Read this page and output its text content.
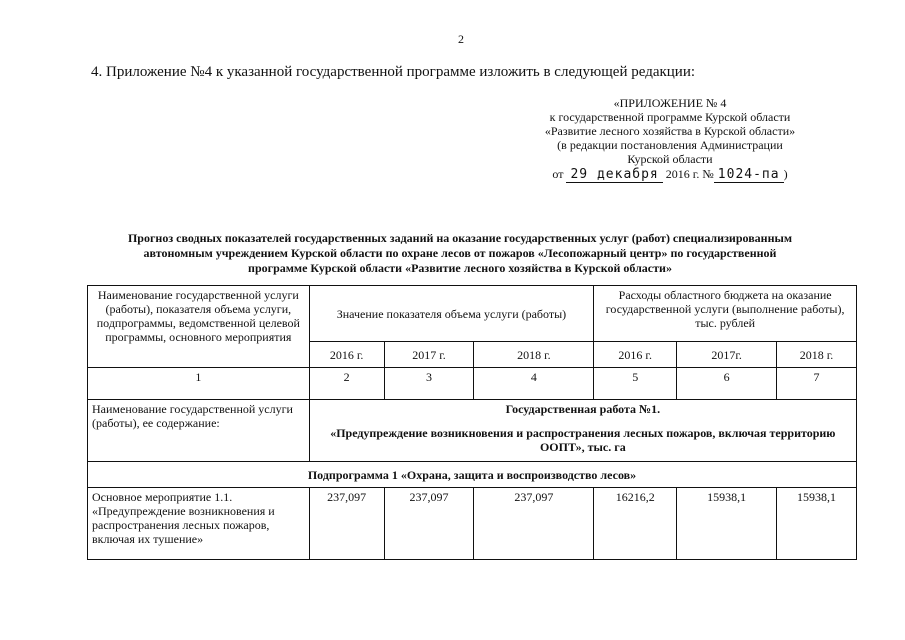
2
4. Приложение №4 к указанной государственной программе изложить в следующей редакции:
«ПРИЛОЖЕНИЕ № 4
к государственной программе Курской области
«Развитие лесного хозяйства в Курской области»
(в редакции постановления Администрации
Курской области
от 29 декабря 2016 г. № 1024-па )
Прогноз сводных показателей государственных заданий на оказание государственных услуг (работ) специализированным
автономным учреждением Курской области по охране лесов от пожаров «Лесопожарный центр» по государственной
программе Курской области «Развитие лесного хозяйства в Курской области»
Наименование государственной услуги (работы), показателя объема услуги, подпрограммы, ведомственной целевой программы, основного мероприятия	Значение показателя объема услуги (работы)			Расходы областного бюджета на оказание государственной услуги (выполнение работы), тыс. рублей		
	2016 г.	2017 г.	2018 г.	2016 г.	2017г.	2018 г.
1	2	3	4	5	6	7
Наименование государственной услуги (работы), ее содержание:	Государственная работа №1.
«Предупреждение возникновения и распространения лесных пожаров, включая территорию ООПТ», тыс. га					

Подпрограмма 1 «Охрана, защита и воспроизводство лесов»						
Основное мероприятие 1.1. «Предупреждение возникновения и распространения лесных пожаров, включая их тушение»	237,097	237,097	237,097	16216,2	15938,1	15938,1
